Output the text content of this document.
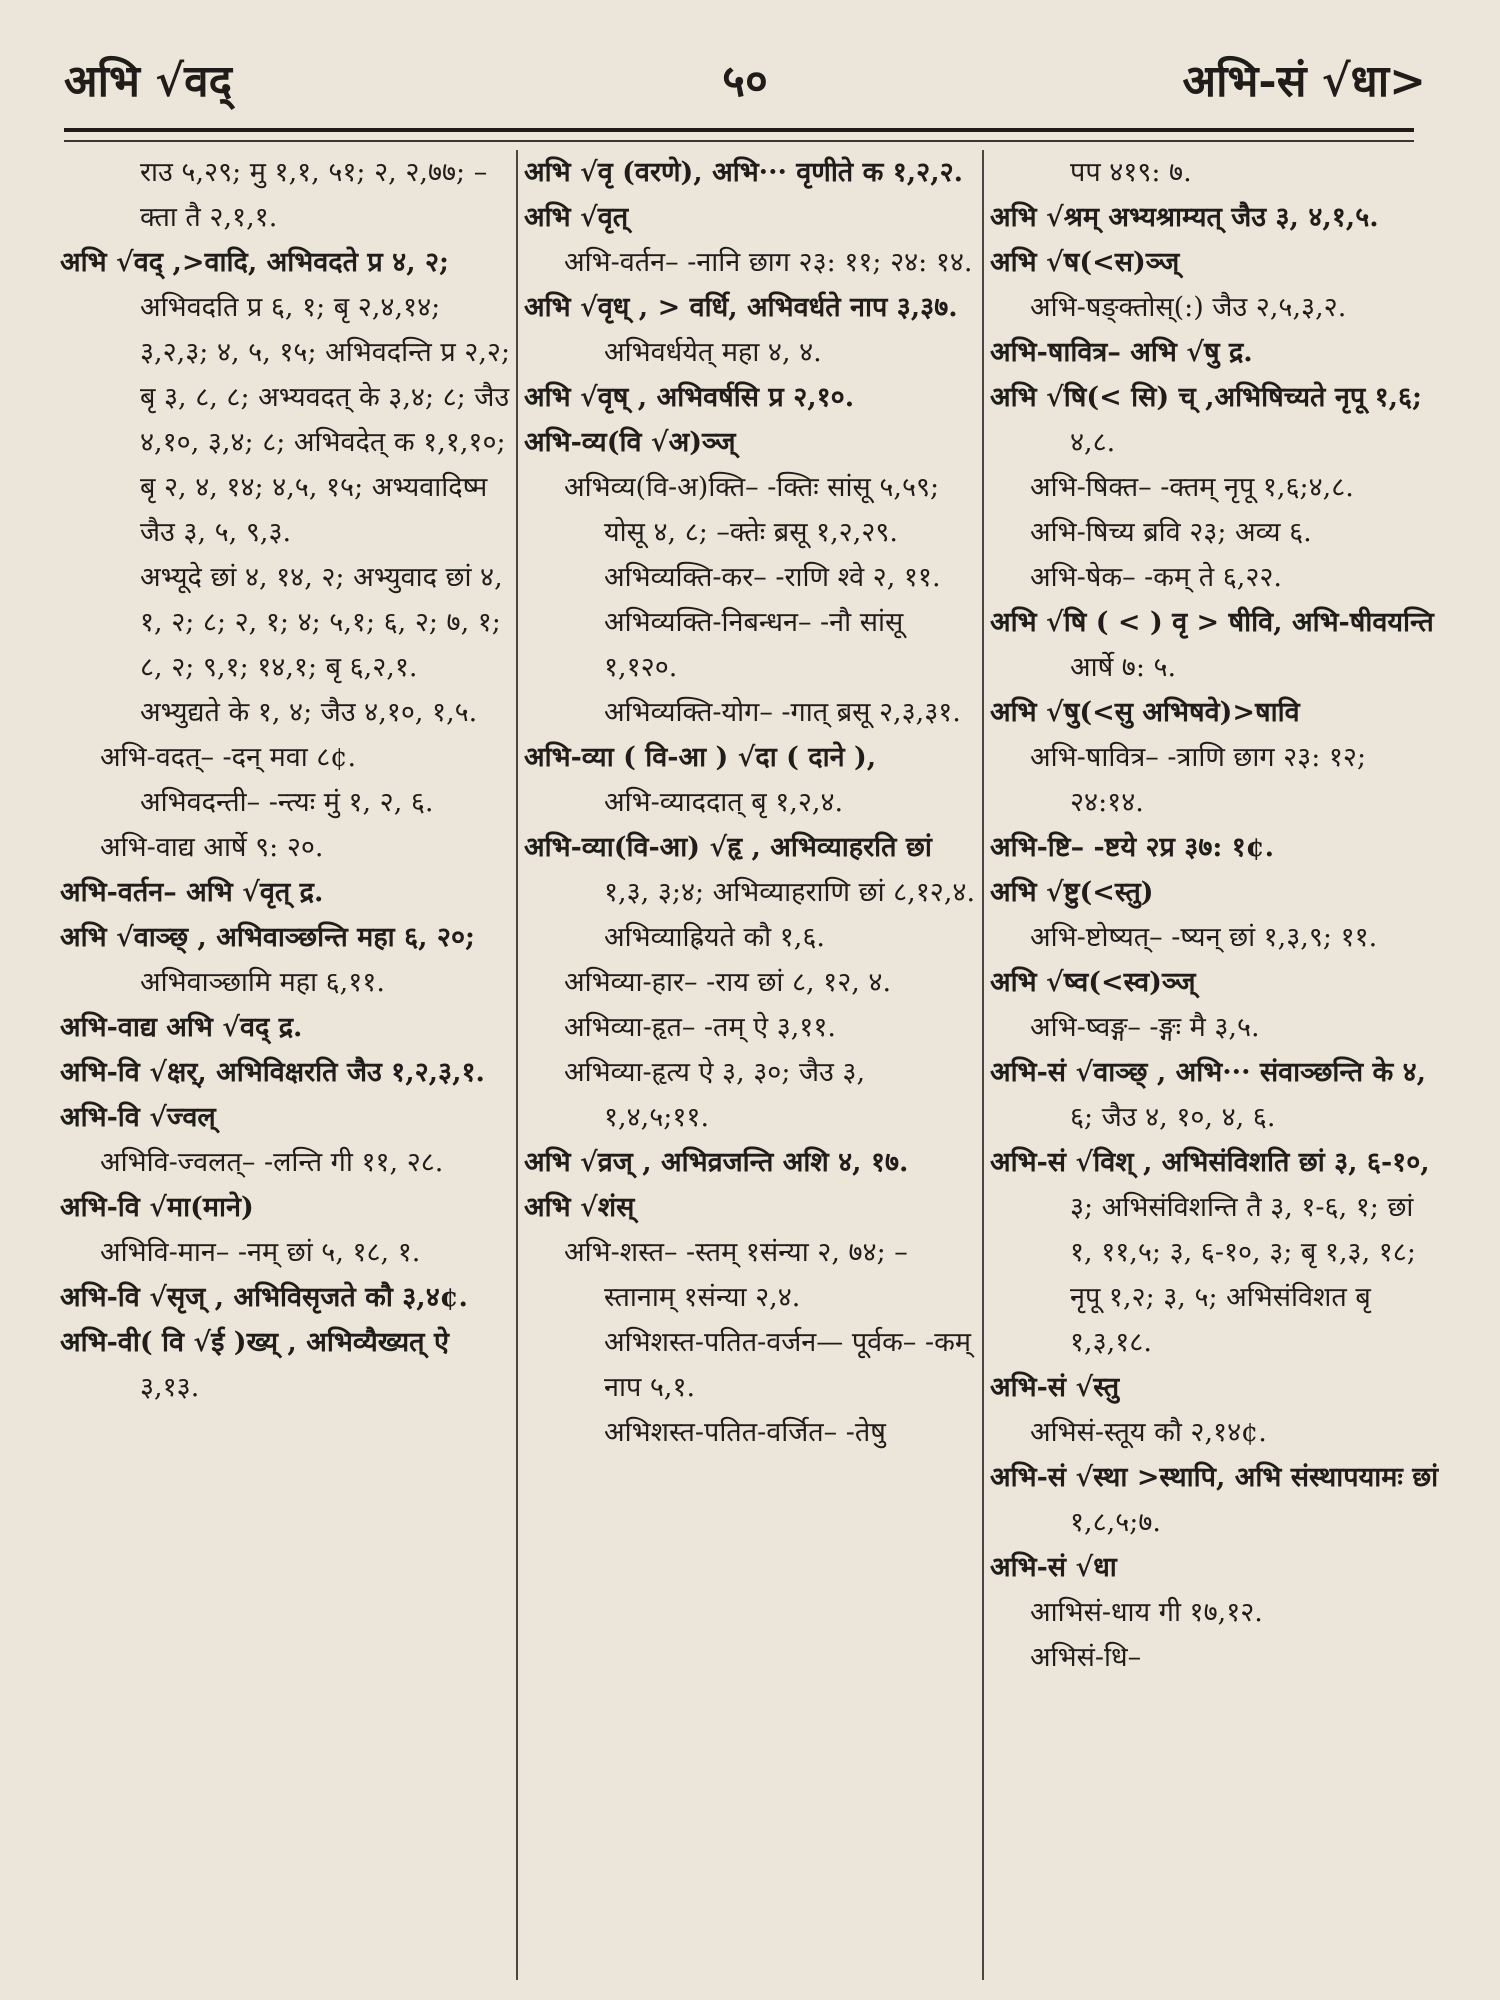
अभि √वद्	५०	अभि-सं √धा>

राउ ५,२९; मु १,१, ५१; २, २,७७; –क्ता तै २,१,१.

अभि √वद् ,>वादि, अभिवदते प्र ४, २; अभिवदति प्र ६, १; बृ २,४,१४; ३,२,३; ४, ५, १५; अभिवदन्ति प्र २,२; बृ ३, ८, ८; अभ्यवदत् के ३,४; ८; जैउ ४,१०, ३,४; ८; अभिवदेत् क १,१,१०; बृ २, ४, १४; ४,५, १५; अभ्यवादिष्म जैउ ३, ५, ९,३.

अभ्यूदे छां ४, १४, २; अभ्युवाद छां ४, १, २; ८; २, १; ४; ५,१; ६, २; ७, १; ८, २; ९,१; १४,१; बृ ६,२,१.

अभ्युद्यते के १, ४; जैउ ४,१०, १,५.

अभि-वदत्– -दन् मवा ८¢.

अभिवदन्ती– -न्त्यः मुं १, २, ६.

अभि-वाद्य आर्षे ९: २०.

अभि-वर्तन– अभि √वृत् द्र.

अभि √वाञ्छ् , अभिवाञ्छन्ति महा ६, २०; अभिवाञ्छामि महा ६,११.

अभि-वाद्य अभि √वद् द्र.

अभि-वि √क्षर्, अभिविक्षरति जैउ १,२,३,१.

अभि-वि √ज्वल्

अभिवि-ज्वलत्– -लन्ति गी ११, २८.

अभि-वि √मा(माने)

अभिवि-मान– -नम् छां ५, १८, १.

अभि-वि √सृज् , अभिविसृजते कौ ३,४¢.

अभि-वी( वि √ई )ख्य् , अभिव्यैख्यत् ऐ ३,१३.

अभि √वृ (वरणे), अभि··· वृणीते क १,२,२.

अभि √वृत्

अभि-वर्तन– -नानि छाग २३: ११; २४: १४.

अभि √वृध् , > वर्धि, अभिवर्धते नाप ३,३७.

अभिवर्धयेत् महा ४, ४.

अभि √वृष् , अभिवर्षसि प्र २,१०.

अभि-व्य(वि √अ)ञ्ज्

अभिव्य(वि-अ)क्ति– -क्तिः सांसू ५,५९; योसू ४, ८; –क्तेः ब्रसू १,२,२९.

अभिव्यक्ति-कर– -राणि श्वे २, ११.

अभिव्यक्ति-निबन्धन– -नौ सांसू १,१२०.

अभिव्यक्ति-योग– -गात् ब्रसू २,३,३१.

अभि-व्या ( वि-आ ) √दा ( दाने ),

अभि-व्याददात् बृ १,२,४.

अभि-व्या(वि-आ) √हृ , अभिव्याहरति छां १,३, ३;४; अभिव्याहराणि छां ८,१२,४.

अभिव्याह्रियते कौ १,६.

अभिव्या-हार– -राय छां ८, १२, ४.

अभिव्या-हृत– -तम् ऐ ३,११.

अभिव्या-हृत्य ऐ ३, ३०; जैउ ३, १,४,५;११.

अभि √व्रज् , अभिव्रजन्ति अशि ४, १७.

अभि √शंस्

अभि-शस्त– -स्तम् १संन्या २, ७४; –स्तानाम् १संन्या २,४.

अभिशस्त-पतित-वर्जन— पूर्वक– -कम् नाप ५,१.

अभिशस्त-पतित-वर्जित– -तेषु

पप ४१९: ७.

अभि √श्रम् अभ्यश्राम्यत् जैउ ३, ४,१,५.

अभि √ष(<स)ञ्ज्

अभि-षङ्क्तोस्(:) जैउ २,५,३,२.

अभि-षावित्र– अभि √षु द्र.

अभि √षि(< सि) च् ,अभिषिच्यते नृपू १,६; ४,८.

अभि-षिक्त– -क्तम् नृपू १,६;४,८.

अभि-षिच्य ब्रवि २३; अव्य ६.

अभि-षेक– -कम् ते ६,२२.

अभि √षि ( < ) वृ > षीवि, अभि-षीवयन्ति आर्षे ७: ५.

अभि √षु(<सु अभिषवे)>षावि

अभि-षावित्र– -त्राणि छाग २३: १२; २४:१४.

अभि-ष्टि– -ष्टये २प्र ३७: १¢.

अभि √ष्टु(<स्तु)

अभि-ष्टोष्यत्– -ष्यन् छां १,३,९; ११.

अभि √ष्व(<स्व)ञ्ज्

अभि-ष्वङ्ग– -ङ्गः मै ३,५.

अभि-सं √वाञ्छ् , अभि··· संवाञ्छन्ति के ४, ६; जैउ ४, १०, ४, ६.

अभि-सं √विश् , अभिसंविशति छां ३, ६-१०, ३; अभिसंविशन्ति तै ३, १-६, १; छां १, ११,५; ३, ६-१०, ३; बृ १,३, १८; नृपू १,२; ३, ५; अभिसंविशत बृ १,३,१८.

अभि-सं √स्तु

अभिसं-स्तूय कौ २,१४¢.

अभि-सं √स्था >स्थापि, अभि संस्थापयामः छां १,८,५;७.

अभि-सं √धा

आभिसं-धाय गी १७,१२.

अभिसं-धि–
